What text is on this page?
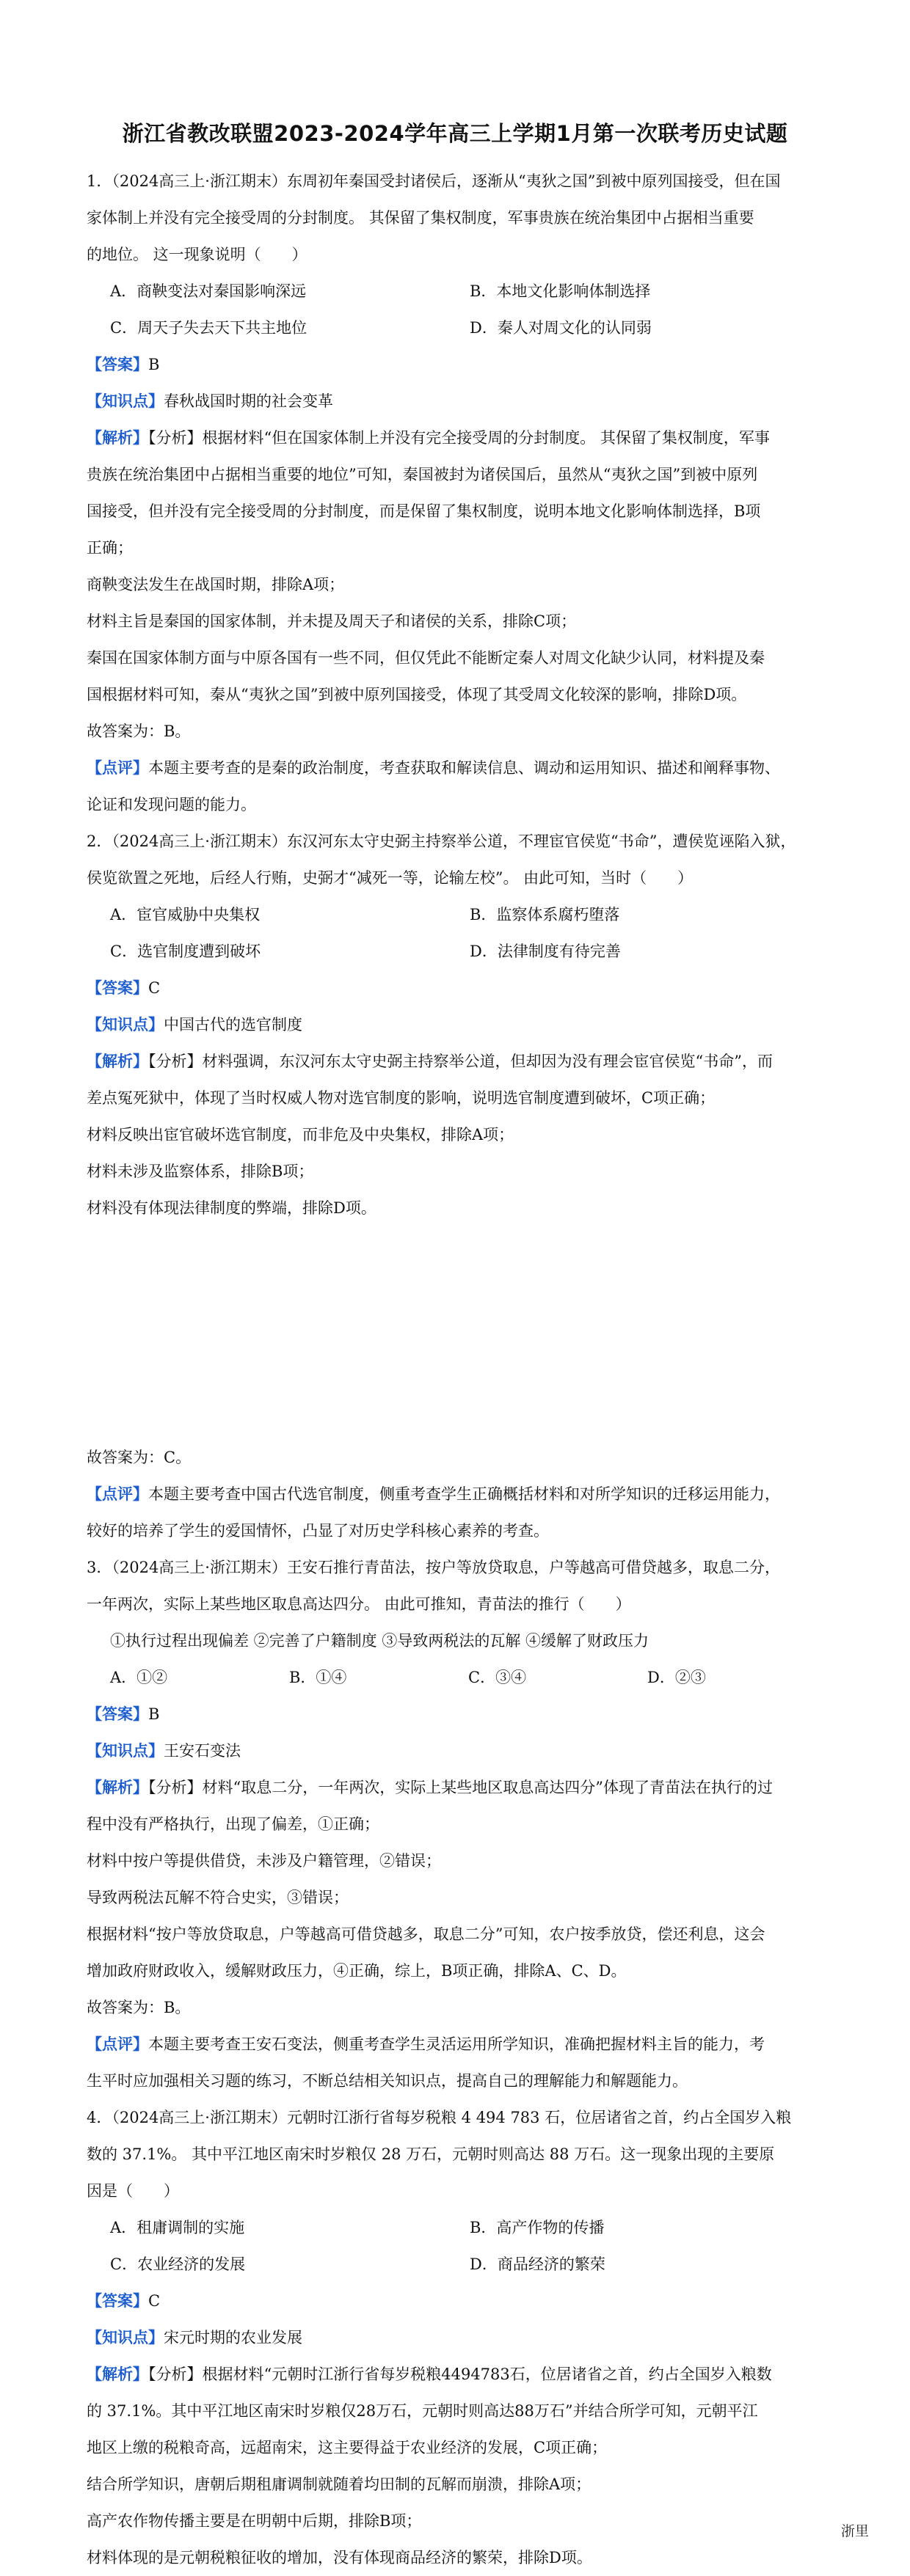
浙江省教改联盟2023-2024学年高三上学期1月第一次联考历史试题

1．（2024高三上·浙江期末）东周初年秦国受封诸侯后，逐渐从“夷狄之国”到被中原列国接受，但在国

家体制上并没有完全接受周的分封制度。 其保留了集权制度，军事贵族在统治集团中占据相当重要

的地位。 这一现象说明（　　）

A．商鞅变法对秦国影响深远	B．本地文化影响体制选择
C．周天子失去天下共主地位	D．秦人对周文化的认同弱

【答案】B

【知识点】春秋战国时期的社会变革

【解析】【分析】根据材料“但在国家体制上并没有完全接受周的分封制度。 其保留了集权制度，军事

贵族在统治集团中占据相当重要的地位”可知，秦国被封为诸侯国后，虽然从“夷狄之国”到被中原列

国接受，但并没有完全接受周的分封制度，而是保留了集权制度，说明本地文化影响体制选择，B项

正确；

商鞅变法发生在战国时期，排除A项；

材料主旨是秦国的国家体制，并未提及周天子和诸侯的关系，排除C项；

秦国在国家体制方面与中原各国有一些不同，但仅凭此不能断定秦人对周文化缺少认同，材料提及秦

国根据材料可知，秦从“夷狄之国”到被中原列国接受，体现了其受周文化较深的影响，排除D项。

故答案为：B。

【点评】本题主要考查的是秦的政治制度，考查获取和解读信息、调动和运用知识、描述和阐释事物、

论证和发现问题的能力。

2．（2024高三上·浙江期末）东汉河东太守史弼主持察举公道，不理宦官侯览“书命”，遭侯览诬陷入狱，

侯览欲置之死地，后经人行贿，史弼才“减死一等，论输左校”。 由此可知，当时（　　）

A．宦官威胁中央集权	B．监察体系腐朽堕落
C．选官制度遭到破坏	D．法律制度有待完善

【答案】C

【知识点】中国古代的选官制度

【解析】【分析】材料强调，东汉河东太守史弼主持察举公道，但却因为没有理会宦官侯览“书命”，而

差点冤死狱中，体现了当时权威人物对选官制度的影响，说明选官制度遭到破坏，C项正确；

材料反映出宦官破坏选官制度，而非危及中央集权，排除A项；

材料未涉及监察体系，排除B项；

材料没有体现法律制度的弊端，排除D项。

故答案为：C。

【点评】本题主要考查中国古代选官制度，侧重考查学生正确概括材料和对所学知识的迁移运用能力，

较好的培养了学生的爱国情怀，凸显了对历史学科核心素养的考查。

3．（2024高三上·浙江期末）王安石推行青苗法，按户等放贷取息，户等越高可借贷越多，取息二分，

一年两次，实际上某些地区取息高达四分。 由此可推知，青苗法的推行（　　）

①执行过程出现偏差 ②完善了户籍制度 ③导致两税法的瓦解 ④缓解了财政压力

A．①②	B．①④	C．③④	D．②③

【答案】B

【知识点】王安石变法

【解析】【分析】材料“取息二分，一年两次，实际上某些地区取息高达四分”体现了青苗法在执行的过

程中没有严格执行，出现了偏差，①正确；

材料中按户等提供借贷，未涉及户籍管理，②错误；

导致两税法瓦解不符合史实，③错误；

根据材料“按户等放贷取息，户等越高可借贷越多，取息二分”可知，农户按季放贷，偿还利息，这会

增加政府财政收入，缓解财政压力，④正确，综上，B项正确，排除A、C、D。

故答案为：B。

【点评】本题主要考查王安石变法，侧重考查学生灵活运用所学知识，准确把握材料主旨的能力，考

生平时应加强相关习题的练习，不断总结相关知识点，提高自己的理解能力和解题能力。

4．（2024高三上·浙江期末）元朝时江浙行省每岁税粮 4 494 783 石，位居诸省之首，约占全国岁入粮

数的 37.1%。 其中平江地区南宋时岁粮仅 28 万石，元朝时则高达 88 万石。这一现象出现的主要原

因是（　　）

A．租庸调制的实施	B．高产作物的传播
C．农业经济的发展	D．商品经济的繁荣

【答案】C

【知识点】宋元时期的农业发展

【解析】【分析】根据材料“元朝时江浙行省每岁税粮4494783石，位居诸省之首，约占全国岁入粮数

的 37.1%。其中平江地区南宋时岁粮仅28万石，元朝时则高达88万石”并结合所学可知，元朝平江

地区上缴的税粮奇高，远超南宋，这主要得益于农业经济的发展，C项正确；

结合所学知识，唐朝后期租庸调制就随着均田制的瓦解而崩溃，排除A项；

高产农作物传播主要是在明朝中后期，排除B项；

材料体现的是元朝税粮征收的增加，没有体现商品经济的繁荣，排除D项。

浙里
